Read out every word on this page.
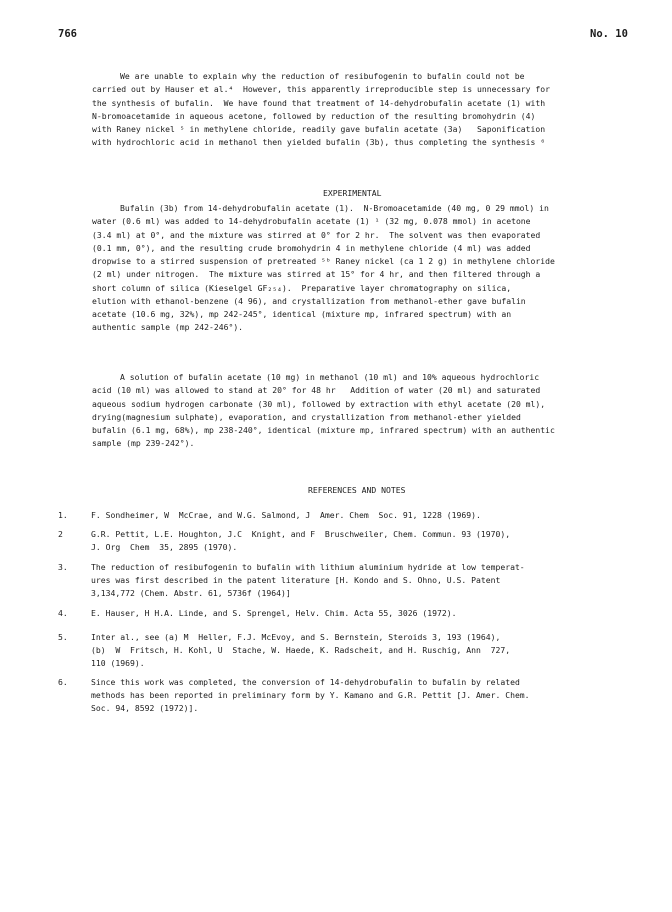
766	No. 10
We are unable to explain why the reduction of resibufogenin to bufalin could not be
carried out by Hauser et al.⁴  However, this apparently irreproducible step is unnecessary for
the synthesis of bufalin.  We have found that treatment of 14-dehydrobufalin acetate (1) with
N-bromoacetamide in aqueous acetone, followed by reduction of the resulting bromohydrin (4)
with Raney nickel ⁵ in methylene chloride, readily gave bufalin acetate (3a)   Saponification
with hydrochloric acid in methanol then yielded bufalin (3b), thus completing the synthesis ⁶
EXPERIMENTAL
Bufalin (3b) from 14-dehydrobufalin acetate (1).  N-Bromoacetamide (40 mg, 0 29 mmol) in
water (0.6 ml) was added to 14-dehydrobufalin acetate (1) ¹ (32 mg, 0.078 mmol) in acetone
(3.4 ml) at 0°, and the mixture was stirred at 0° for 2 hr.  The solvent was then evaporated
(0.1 mm, 0°), and the resulting crude bromohydrin 4 in methylene chloride (4 ml) was added
dropwise to a stirred suspension of pretreated ⁵ᵇ Raney nickel (ca 1 2 g) in methylene chloride
(2 ml) under nitrogen.  The mixture was stirred at 15° for 4 hr, and then filtered through a
short column of silica (Kieselgel GF₂₅₄).  Preparative layer chromatography on silica,
elution with ethanol-benzene (4 96), and crystallization from methanol-ether gave bufalin
acetate (10.6 mg, 32%), mp 242-245°, identical (mixture mp, infrared spectrum) with an
authentic sample (mp 242-246°).
A solution of bufalin acetate (10 mg) in methanol (10 ml) and 10% aqueous hydrochloric
acid (10 ml) was allowed to stand at 20° for 48 hr   Addition of water (20 ml) and saturated
aqueous sodium hydrogen carbonate (30 ml), followed by extraction with ethyl acetate (20 ml),
drying(magnesium sulphate), evaporation, and crystallization from methanol-ether yielded
bufalin (6.1 mg, 68%), mp 238-240°, identical (mixture mp, infrared spectrum) with an authentic
sample (mp 239-242°).
REFERENCES AND NOTES
1.	F. Sondheimer, W  McCrae, and W.G. Salmond, J  Amer. Chem  Soc. 91, 1228 (1969).
2	G.R. Pettit, L.E. Houghton, J.C  Knight, and F  Bruschweiler, Chem. Commun. 93 (1970),
J. Org  Chem  35, 2895 (1970).
3.	The reduction of resibufogenin to bufalin with lithium aluminium hydride at low temperat-
ures was first described in the patent literature [H. Kondo and S. Ohno, U.S. Patent
3,134,772 (Chem. Abstr. 61, 5736f (1964)]
4.	E. Hauser, H H.A. Linde, and S. Sprengel, Helv. Chim. Acta 55, 3026 (1972).
5.	Inter al., see (a) M  Heller, F.J. McEvoy, and S. Bernstein, Steroids 3, 193 (1964),
(b)  W  Fritsch, H. Kohl, U  Stache, W. Haede, K. Radscheit, and H. Ruschig, Ann  727,
110 (1969).
6.	Since this work was completed, the conversion of 14-dehydrobufalin to bufalin by related
methods has been reported in preliminary form by Y. Kamano and G.R. Pettit [J. Amer. Chem.
Soc. 94, 8592 (1972)].
